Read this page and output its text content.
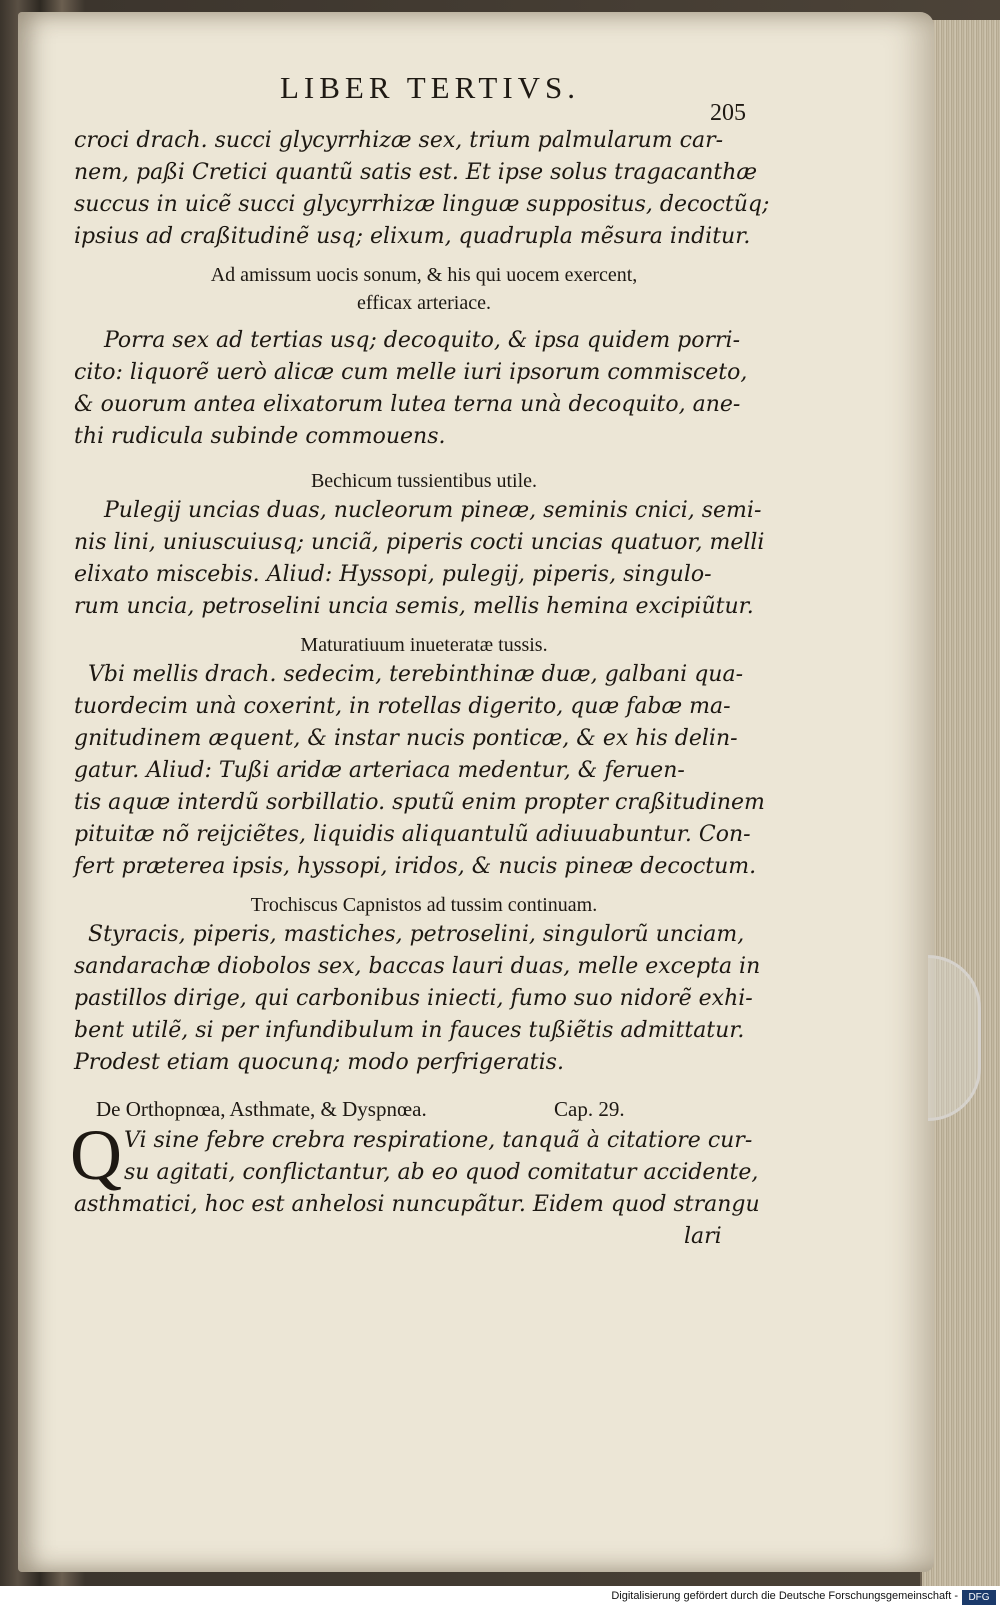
LIBER TERTIVS.
205
croci drach. succi glycyrrhizæ sex, trium palmularum car-
nem, paßi Cretici quantũ satis est. Et ipse solus tragacanthæ
succus in uicẽ succi glycyrrhizæ linguæ suppositus, decoctũq;
ipsius ad craßitudinẽ usq; elixum, quadrupla mẽsura inditur.
Ad amissum uocis sonum, & his qui uocem exercent,
efficax arteriace.
Porra sex ad tertias usq; decoquito, & ipsa quidem porri-
cito: liquorẽ uerò alicæ cum melle iuri ipsorum commisceto,
& ouorum antea elixatorum lutea terna unà decoquito, ane-
thi rudicula subinde commouens.
Bechicum tussientibus utile.
Pulegij uncias duas, nucleorum pineæ, seminis cnici, semi-
nis lini, uniuscuiusq; unciã, piperis cocti uncias quatuor, melli
elixato miscebis. Aliud: Hyssopi, pulegij, piperis, singulo-
rum uncia, petroselini uncia semis, mellis hemina excipiũtur.
Maturatiuum inueteratæ tussis.
Vbi mellis drach. sedecim, terebinthinæ duæ, galbani qua-
tuordecim unà coxerint, in rotellas digerito, quæ fabæ ma-
gnitudinem æquent, & instar nucis ponticæ, & ex his delin-
gatur. Aliud: Tußi aridæ arteriaca medentur, & feruen-
tis aquæ interdũ sorbillatio. sputũ enim propter craßitudinem
pituitæ nõ reijciẽtes, liquidis aliquantulũ adiuuabuntur. Con-
fert præterea ipsis, hyssopi, iridos, & nucis pineæ decoctum.
Trochiscus Capnistos ad tussim continuam.
Styracis, piperis, mastiches, petroselini, singulorũ unciam,
sandarachæ diobolos sex, baccas lauri duas, melle excepta in
pastillos dirige, qui carbonibus iniecti, fumo suo nidorẽ exhi-
bent utilẽ, si per infundibulum in fauces tußiẽtis admittatur.
Prodest etiam quocunq; modo perfrigeratis.
De Orthopnœa, Asthmate, & Dyspnœa.	Cap. 29.
Q Vi sine febre crebra respiratione, tanquã à citatiore cur-
su agitati, conflictantur, ab eo quod comitatur accidente,
asthmatici, hoc est anhelosi nuncupãtur. Eidem quod strangu
lari
Digitalisierung gefördert durch die Deutsche Forschungsgemeinschaft -	DFG
